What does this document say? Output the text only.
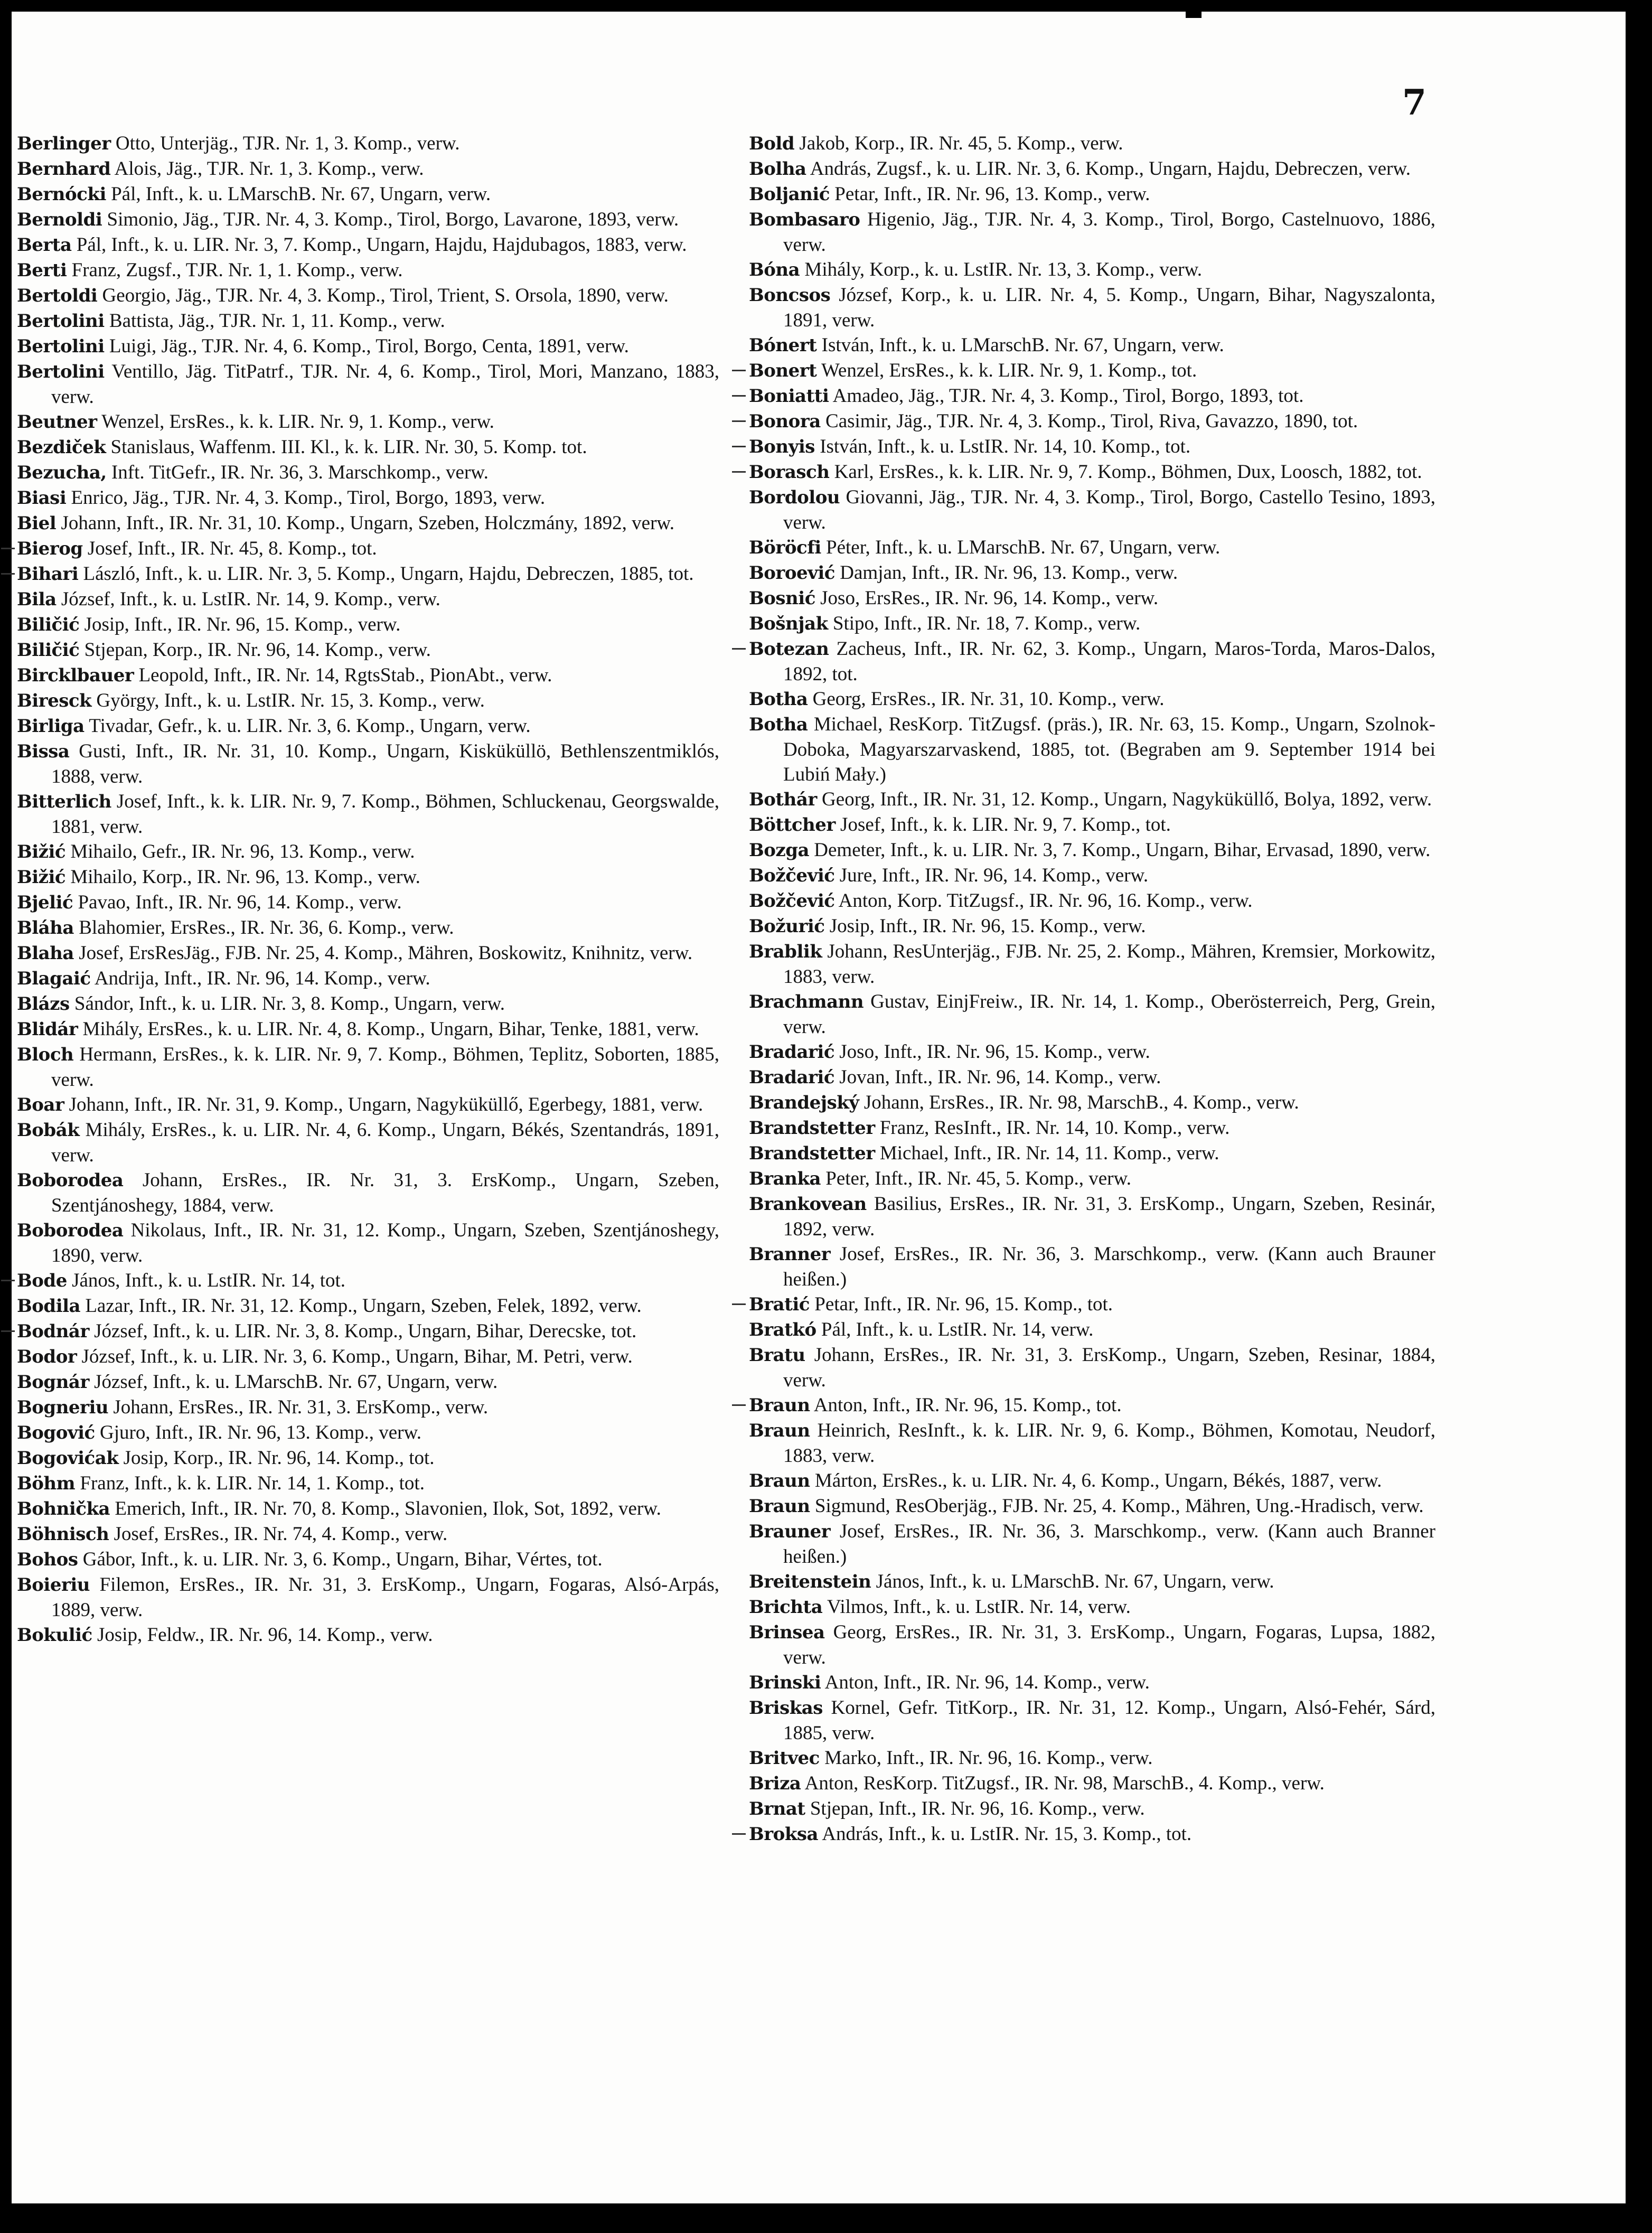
7

Berlinger Otto, Unterjäg., TJR. Nr. 1, 3. Komp., verw.

Bernhard Alois, Jäg., TJR. Nr. 1, 3. Komp., verw.

Bernócki Pál, Inft., k. u. LMarschB. Nr. 67, Ungarn, verw.

Bernoldi Simonio, Jäg., TJR. Nr. 4, 3. Komp., Tirol, Borgo, Lavarone, 1893, verw.

Berta Pál, Inft., k. u. LIR. Nr. 3, 7. Komp., Ungarn, Hajdu, Hajdubagos, 1883, verw.

Berti Franz, Zugsf., TJR. Nr. 1, 1. Komp., verw.

Bertoldi Georgio, Jäg., TJR. Nr. 4, 3. Komp., Tirol, Trient, S. Orsola, 1890, verw.

Bertolini Battista, Jäg., TJR. Nr. 1, 11. Komp., verw.

Bertolini Luigi, Jäg., TJR. Nr. 4, 6. Komp., Tirol, Borgo, Centa, 1891, verw.

Bertolini Ventillo, Jäg. TitPatrf., TJR. Nr. 4, 6. Komp., Tirol, Mori, Manzano, 1883, verw.

Beutner Wenzel, ErsRes., k. k. LIR. Nr. 9, 1. Komp., verw.

Bezdiček Stanislaus, Waffenm. III. Kl., k. k. LIR. Nr. 30, 5. Komp. tot.

Bezucha, Inft. TitGefr., IR. Nr. 36, 3. Marschkomp., verw.

Biasi Enrico, Jäg., TJR. Nr. 4, 3. Komp., Tirol, Borgo, 1893, verw.

Biel Johann, Inft., IR. Nr. 31, 10. Komp., Ungarn, Szeben, Holczmány, 1892, verw.

Bierog Josef, Inft., IR. Nr. 45, 8. Komp., tot.

Bihari László, Inft., k. u. LIR. Nr. 3, 5. Komp., Ungarn, Hajdu, Debreczen, 1885, tot.

Bila József, Inft., k. u. LstIR. Nr. 14, 9. Komp., verw.

Biličić Josip, Inft., IR. Nr. 96, 15. Komp., verw.

Biličić Stjepan, Korp., IR. Nr. 96, 14. Komp., verw.

Bircklbauer Leopold, Inft., IR. Nr. 14, RgtsStab., PionAbt., verw.

Biresck György, Inft., k. u. LstIR. Nr. 15, 3. Komp., verw.

Birliga Tivadar, Gefr., k. u. LIR. Nr. 3, 6. Komp., Ungarn, verw.

Bissa Gusti, Inft., IR. Nr. 31, 10. Komp., Ungarn, Kisküküllö, Bethlenszentmiklós, 1888, verw.

Bitterlich Josef, Inft., k. k. LIR. Nr. 9, 7. Komp., Böhmen, Schluckenau, Georgswalde, 1881, verw.

Bižić Mihailo, Gefr., IR. Nr. 96, 13. Komp., verw.

Bižić Mihailo, Korp., IR. Nr. 96, 13. Komp., verw.

Bjelić Pavao, Inft., IR. Nr. 96, 14. Komp., verw.

Bláha Blahomier, ErsRes., IR. Nr. 36, 6. Komp., verw.

Blaha Josef, ErsResJäg., FJB. Nr. 25, 4. Komp., Mähren, Boskowitz, Knihnitz, verw.

Blagaić Andrija, Inft., IR. Nr. 96, 14. Komp., verw.

Blázs Sándor, Inft., k. u. LIR. Nr. 3, 8. Komp., Ungarn, verw.

Blidár Mihály, ErsRes., k. u. LIR. Nr. 4, 8. Komp., Ungarn, Bihar, Tenke, 1881, verw.

Bloch Hermann, ErsRes., k. k. LIR. Nr. 9, 7. Komp., Böhmen, Teplitz, Soborten, 1885, verw.

Boar Johann, Inft., IR. Nr. 31, 9. Komp., Ungarn, Nagyküküllő, Egerbegy, 1881, verw.

Bobák Mihály, ErsRes., k. u. LIR. Nr. 4, 6. Komp., Ungarn, Békés, Szentandrás, 1891, verw.

Boborodea Johann, ErsRes., IR. Nr. 31, 3. ErsKomp., Ungarn, Szeben, Szentjánoshegy, 1884, verw.

Boborodea Nikolaus, Inft., IR. Nr. 31, 12. Komp., Ungarn, Szeben, Szentjánoshegy, 1890, verw.

Bode János, Inft., k. u. LstIR. Nr. 14, tot.

Bodila Lazar, Inft., IR. Nr. 31, 12. Komp., Ungarn, Szeben, Felek, 1892, verw.

Bodnár József, Inft., k. u. LIR. Nr. 3, 8. Komp., Ungarn, Bihar, Derecske, tot.

Bodor József, Inft., k. u. LIR. Nr. 3, 6. Komp., Ungarn, Bihar, M. Petri, verw.

Bognár József, Inft., k. u. LMarschB. Nr. 67, Ungarn, verw.

Bogneriu Johann, ErsRes., IR. Nr. 31, 3. ErsKomp., verw.

Bogović Gjuro, Inft., IR. Nr. 96, 13. Komp., verw.

Bogovićak Josip, Korp., IR. Nr. 96, 14. Komp., tot.

Böhm Franz, Inft., k. k. LIR. Nr. 14, 1. Komp., tot.

Bohnička Emerich, Inft., IR. Nr. 70, 8. Komp., Slavonien, Ilok, Sot, 1892, verw.

Böhnisch Josef, ErsRes., IR. Nr. 74, 4. Komp., verw.

Bohos Gábor, Inft., k. u. LIR. Nr. 3, 6. Komp., Ungarn, Bihar, Vértes, tot.

Boieriu Filemon, ErsRes., IR. Nr. 31, 3. ErsKomp., Ungarn, Fogaras, Alsó-Arpás, 1889, verw.

Bokulić Josip, Feldw., IR. Nr. 96, 14. Komp., verw.

Bold Jakob, Korp., IR. Nr. 45, 5. Komp., verw.

Bolha András, Zugsf., k. u. LIR. Nr. 3, 6. Komp., Ungarn, Hajdu, Debreczen, verw.

Boljanić Petar, Inft., IR. Nr. 96, 13. Komp., verw.

Bombasaro Higenio, Jäg., TJR. Nr. 4, 3. Komp., Tirol, Borgo, Castelnuovo, 1886, verw.

Bóna Mihály, Korp., k. u. LstIR. Nr. 13, 3. Komp., verw.

Boncsos József, Korp., k. u. LIR. Nr. 4, 5. Komp., Ungarn, Bihar, Nagyszalonta, 1891, verw.

Bónert István, Inft., k. u. LMarschB. Nr. 67, Ungarn, verw.

Bonert Wenzel, ErsRes., k. k. LIR. Nr. 9, 1. Komp., tot.

Boniatti Amadeo, Jäg., TJR. Nr. 4, 3. Komp., Tirol, Borgo, 1893, tot.

Bonora Casimir, Jäg., TJR. Nr. 4, 3. Komp., Tirol, Riva, Gavazzo, 1890, tot.

Bonyis István, Inft., k. u. LstIR. Nr. 14, 10. Komp., tot.

Borasch Karl, ErsRes., k. k. LIR. Nr. 9, 7. Komp., Böhmen, Dux, Loosch, 1882, tot.

Bordolou Giovanni, Jäg., TJR. Nr. 4, 3. Komp., Tirol, Borgo, Castello Tesino, 1893, verw.

Böröcfi Péter, Inft., k. u. LMarschB. Nr. 67, Ungarn, verw.

Boroević Damjan, Inft., IR. Nr. 96, 13. Komp., verw.

Bosnić Joso, ErsRes., IR. Nr. 96, 14. Komp., verw.

Bošnjak Stipo, Inft., IR. Nr. 18, 7. Komp., verw.

Botezan Zacheus, Inft., IR. Nr. 62, 3. Komp., Ungarn, Maros-Torda, Maros-Dalos, 1892, tot.

Botha Georg, ErsRes., IR. Nr. 31, 10. Komp., verw.

Botha Michael, ResKorp. TitZugsf. (präs.), IR. Nr. 63, 15. Komp., Ungarn, Szolnok-Doboka, Magyarszarvaskend, 1885, tot. (Begraben am 9. September 1914 bei Lubiń Mały.)

Bothár Georg, Inft., IR. Nr. 31, 12. Komp., Ungarn, Nagyküküllő, Bolya, 1892, verw.

Böttcher Josef, Inft., k. k. LIR. Nr. 9, 7. Komp., tot.

Bozga Demeter, Inft., k. u. LIR. Nr. 3, 7. Komp., Ungarn, Bihar, Ervasad, 1890, verw.

Božčević Jure, Inft., IR. Nr. 96, 14. Komp., verw.

Božčević Anton, Korp. TitZugsf., IR. Nr. 96, 16. Komp., verw.

Božurić Josip, Inft., IR. Nr. 96, 15. Komp., verw.

Brablik Johann, ResUnterjäg., FJB. Nr. 25, 2. Komp., Mähren, Kremsier, Morkowitz, 1883, verw.

Brachmann Gustav, EinjFreiw., IR. Nr. 14, 1. Komp., Oberösterreich, Perg, Grein, verw.

Bradarić Joso, Inft., IR. Nr. 96, 15. Komp., verw.

Bradarić Jovan, Inft., IR. Nr. 96, 14. Komp., verw.

Brandejský Johann, ErsRes., IR. Nr. 98, MarschB., 4. Komp., verw.

Brandstetter Franz, ResInft., IR. Nr. 14, 10. Komp., verw.

Brandstetter Michael, Inft., IR. Nr. 14, 11. Komp., verw.

Branka Peter, Inft., IR. Nr. 45, 5. Komp., verw.

Brankovean Basilius, ErsRes., IR. Nr. 31, 3. ErsKomp., Ungarn, Szeben, Resinár, 1892, verw.

Branner Josef, ErsRes., IR. Nr. 36, 3. Marschkomp., verw. (Kann auch Brauner heißen.)

Bratić Petar, Inft., IR. Nr. 96, 15. Komp., tot.

Bratkó Pál, Inft., k. u. LstIR. Nr. 14, verw.

Bratu Johann, ErsRes., IR. Nr. 31, 3. ErsKomp., Ungarn, Szeben, Resinar, 1884, verw.

Braun Anton, Inft., IR. Nr. 96, 15. Komp., tot.

Braun Heinrich, ResInft., k. k. LIR. Nr. 9, 6. Komp., Böhmen, Komotau, Neudorf, 1883, verw.

Braun Márton, ErsRes., k. u. LIR. Nr. 4, 6. Komp., Ungarn, Békés, 1887, verw.

Braun Sigmund, ResOberjäg., FJB. Nr. 25, 4. Komp., Mähren, Ung.-Hradisch, verw.

Brauner Josef, ErsRes., IR. Nr. 36, 3. Marschkomp., verw. (Kann auch Branner heißen.)

Breitenstein János, Inft., k. u. LMarschB. Nr. 67, Ungarn, verw.

Brichta Vilmos, Inft., k. u. LstIR. Nr. 14, verw.

Brinsea Georg, ErsRes., IR. Nr. 31, 3. ErsKomp., Ungarn, Fogaras, Lupsa, 1882, verw.

Brinski Anton, Inft., IR. Nr. 96, 14. Komp., verw.

Briskas Kornel, Gefr. TitKorp., IR. Nr. 31, 12. Komp., Ungarn, Alsó-Fehér, Sárd, 1885, verw.

Britvec Marko, Inft., IR. Nr. 96, 16. Komp., verw.

Briza Anton, ResKorp. TitZugsf., IR. Nr. 98, MarschB., 4. Komp., verw.

Brnat Stjepan, Inft., IR. Nr. 96, 16. Komp., verw.

Broksa András, Inft., k. u. LstIR. Nr. 15, 3. Komp., tot.
